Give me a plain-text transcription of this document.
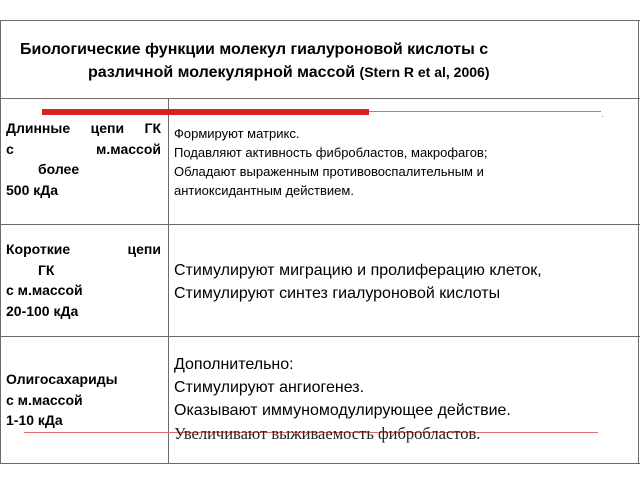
Биологические функции молекул гиалуроновой кислоты с
различной молекулярной массой (Stern R et al, 2006)
·
Длинные цепи ГК
с м.массой
более
500 кДа
Формируют матрикс.
Подавляют активность фибробластов, макрофагов;
Обладают выраженным противовоспалительным и
антиоксидантным действием.
Короткие цепи
ГК
с м.массой
20-100 кДа
Стимулируют миграцию и пролиферацию клеток,
Стимулируют синтез гиалуроновой кислоты
Олигосахариды
с м.массой
1-10 кДа
Дополнительно:
Стимулируют ангиогенез.
Оказывают иммуномодулирующее действие.
Увеличивают выживаемость фибробластов.
